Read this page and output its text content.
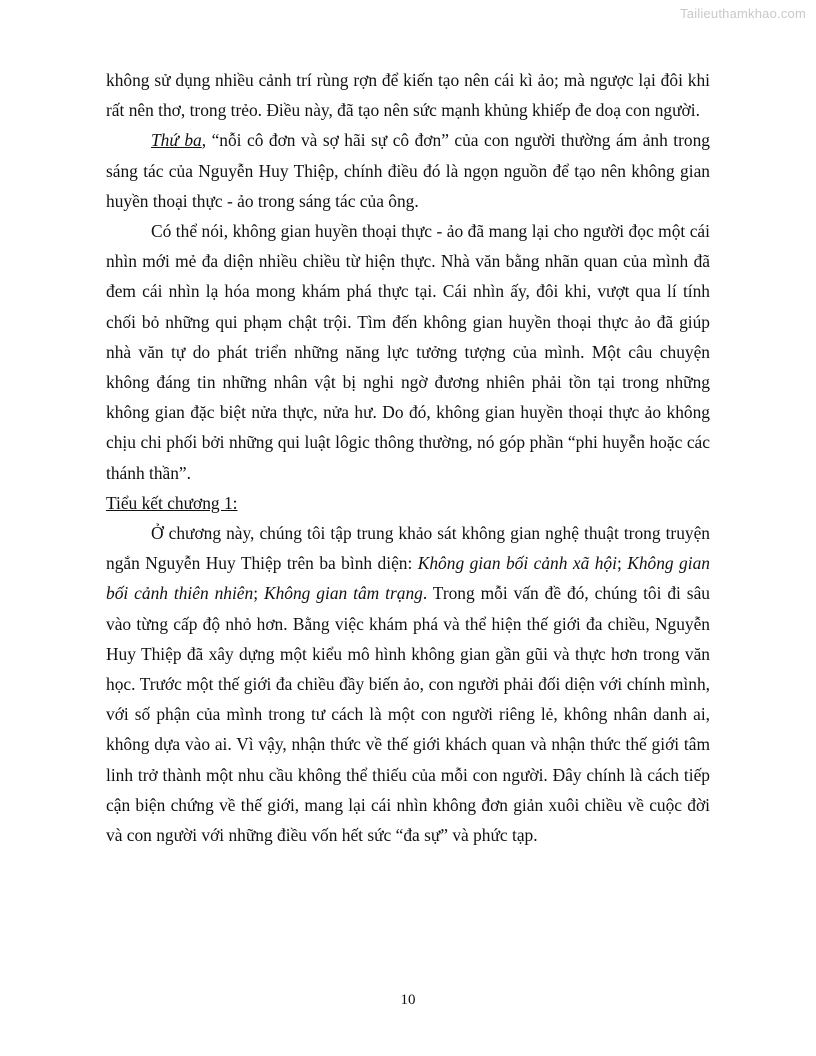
Tailieuthamkhao.com

không sử dụng nhiều cảnh trí rùng rợn để kiến tạo nên cái kì ảo; mà ngược lại đôi khi rất nên thơ, trong trẻo. Điều này, đã tạo nên sức mạnh khủng khiếp đe doạ con người.

Thứ ba, “nỗi cô đơn và sợ hãi sự cô đơn” của con người thường ám ảnh trong sáng tác của Nguyễn Huy Thiệp, chính điều đó là ngọn nguồn để tạo nên không gian huyền thoại thực - ảo trong sáng tác của ông.

Có thể nói, không gian huyền thoại thực - ảo đã mang lại cho người đọc một cái nhìn mới mẻ đa diện nhiều chiều từ hiện thực. Nhà văn bằng nhãn quan của mình đã đem cái nhìn lạ hóa mong khám phá thực tại. Cái nhìn ấy, đôi khi, vượt qua lí tính chối bỏ những qui phạm chật trội. Tìm đến không gian huyền thoại thực ảo đã giúp nhà văn tự do phát triển những năng lực tưởng tượng của mình. Một câu chuyện không đáng tin những nhân vật bị nghi ngờ đương nhiên phải tồn tại trong những không gian đặc biệt nửa thực, nửa hư. Do đó, không gian huyền thoại thực ảo không chịu chi phối bởi những qui luật lôgic thông thường, nó góp phần “phi huyễn hoặc các thánh thần”.

Tiểu kết chương 1:

Ở chương này, chúng tôi tập trung khảo sát không gian nghệ thuật trong truyện ngắn Nguyễn Huy Thiệp trên ba bình diện: Không gian bối cảnh xã hội; Không gian bối cảnh thiên nhiên; Không gian tâm trạng. Trong mỗi vấn đề đó, chúng tôi đi sâu vào từng cấp độ nhỏ hơn. Bằng việc khám phá và thể hiện thế giới đa chiều, Nguyễn Huy Thiệp đã xây dựng một kiểu mô hình không gian gần gũi và thực hơn trong văn học. Trước một thế giới đa chiều đầy biến ảo, con người phải đối diện với chính mình, với số phận của mình trong tư cách là một con người riêng lẻ, không nhân danh ai, không dựa vào ai. Vì vậy, nhận thức về thế giới khách quan và nhận thức thế giới tâm linh trở thành một nhu cầu không thể thiếu của mỗi con người. Đây chính là cách tiếp cận biện chứng về thế giới, mang lại cái nhìn không đơn giản xuôi chiều về cuộc đời và con người với những điều vốn hết sức “đa sự” và phức tạp.

10
